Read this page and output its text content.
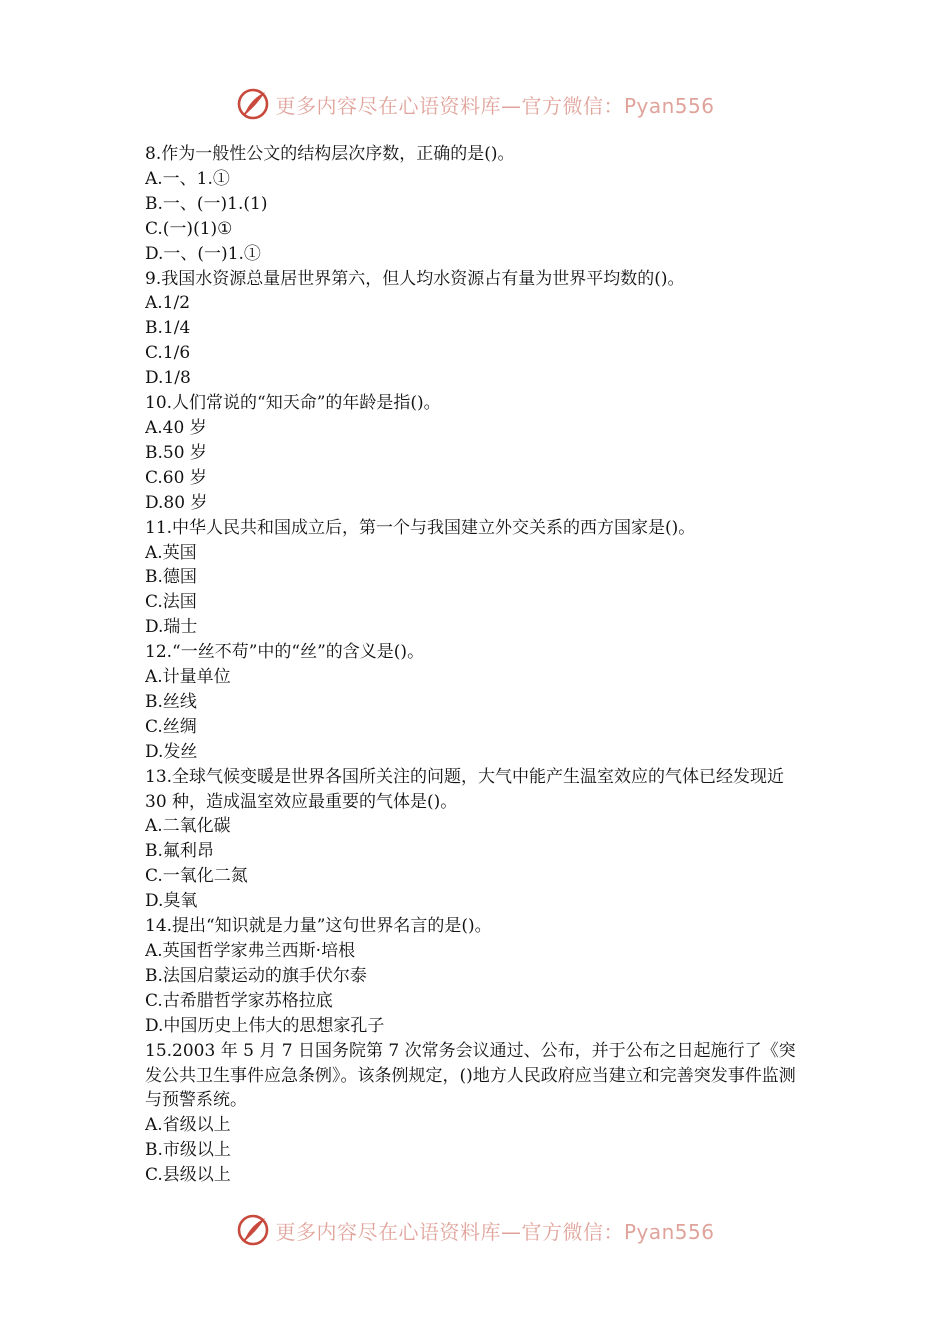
更多内容尽在心语资料库—官方微信：Pyan556
8.作为一般性公文的结构层次序数，正确的是()。
A.一、1.①
B.一、(一)1.(1)
C.(一)(1)①
D.一、(一)1.①
9.我国水资源总量居世界第六，但人均水资源占有量为世界平均数的()。
A.1/2
B.1/4
C.1/6
D.1/8
10.人们常说的“知天命”的年龄是指()。
A.40 岁
B.50 岁
C.60 岁
D.80 岁
11.中华人民共和国成立后，第一个与我国建立外交关系的西方国家是()。
A.英国
B.德国
C.法国
D.瑞士
12.“一丝不苟”中的“丝”的含义是()。
A.计量单位
B.丝线
C.丝绸
D.发丝
13.全球气候变暖是世界各国所关注的问题，大气中能产生温室效应的气体已经发现近 30 种，造成温室效应最重要的气体是()。
A.二氧化碳
B.氟利昂
C.一氧化二氮
D.臭氧
14.提出“知识就是力量”这句世界名言的是()。
A.英国哲学家弗兰西斯·培根
B.法国启蒙运动的旗手伏尔泰
C.古希腊哲学家苏格拉底
D.中国历史上伟大的思想家孔子
15.2003 年 5 月 7 日国务院第 7 次常务会议通过、公布，并于公布之日起施行了《突发公共卫生事件应急条例》。该条例规定，()地方人民政府应当建立和完善突发事件监测与预警系统。
A.省级以上
B.市级以上
C.县级以上
更多内容尽在心语资料库—官方微信：Pyan556
